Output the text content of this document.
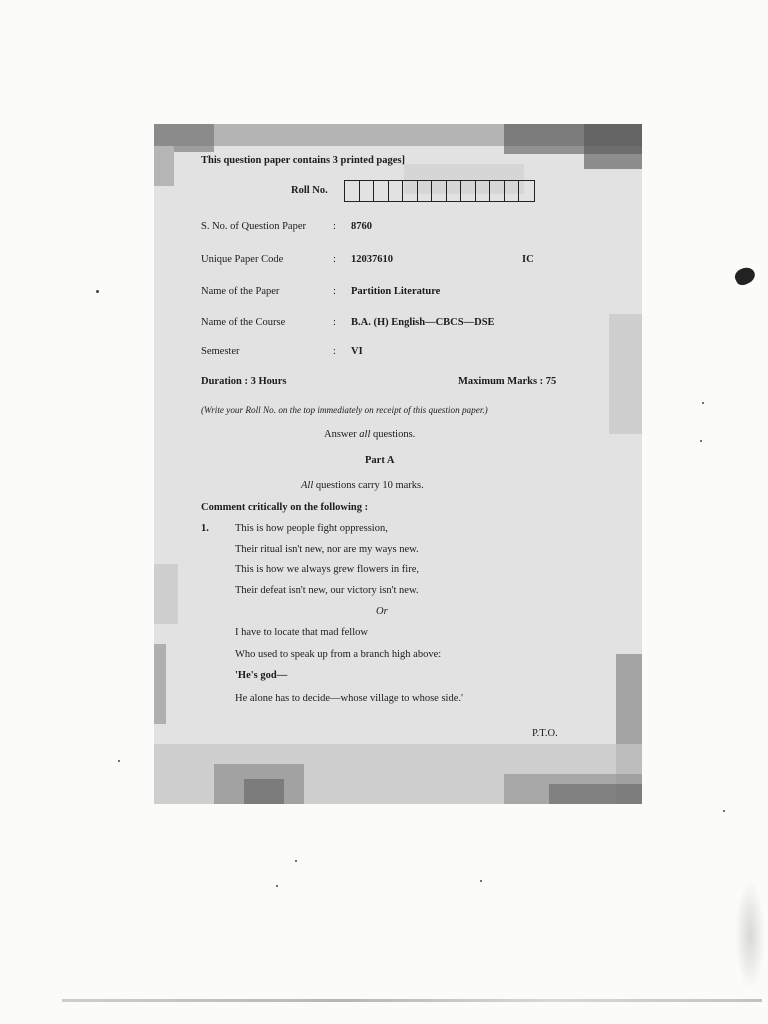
This question paper contains 3 printed pages]
Roll No.
S. No. of Question Paper	: 8760
Unique Paper Code	: 12037610	IC
Name of the Paper	: Partition Literature
Name of the Course	: B.A. (H) English—CBCS—DSE
Semester	: VI
Duration : 3 Hours	Maximum Marks : 75
(Write your Roll No. on the top immediately on receipt of this question paper.)
Answer all questions.
Part A
All questions carry 10 marks.
Comment critically on the following :
1. This is how people fight oppression,
Their ritual isn't new, nor are my ways new.
This is how we always grew flowers in fire,
Their defeat isn't new, our victory isn't new.
Or
I have to locate that mad fellow
Who used to speak up from a branch high above:
'He's god—
He alone has to decide—whose village to whose side.'
P.T.O.
